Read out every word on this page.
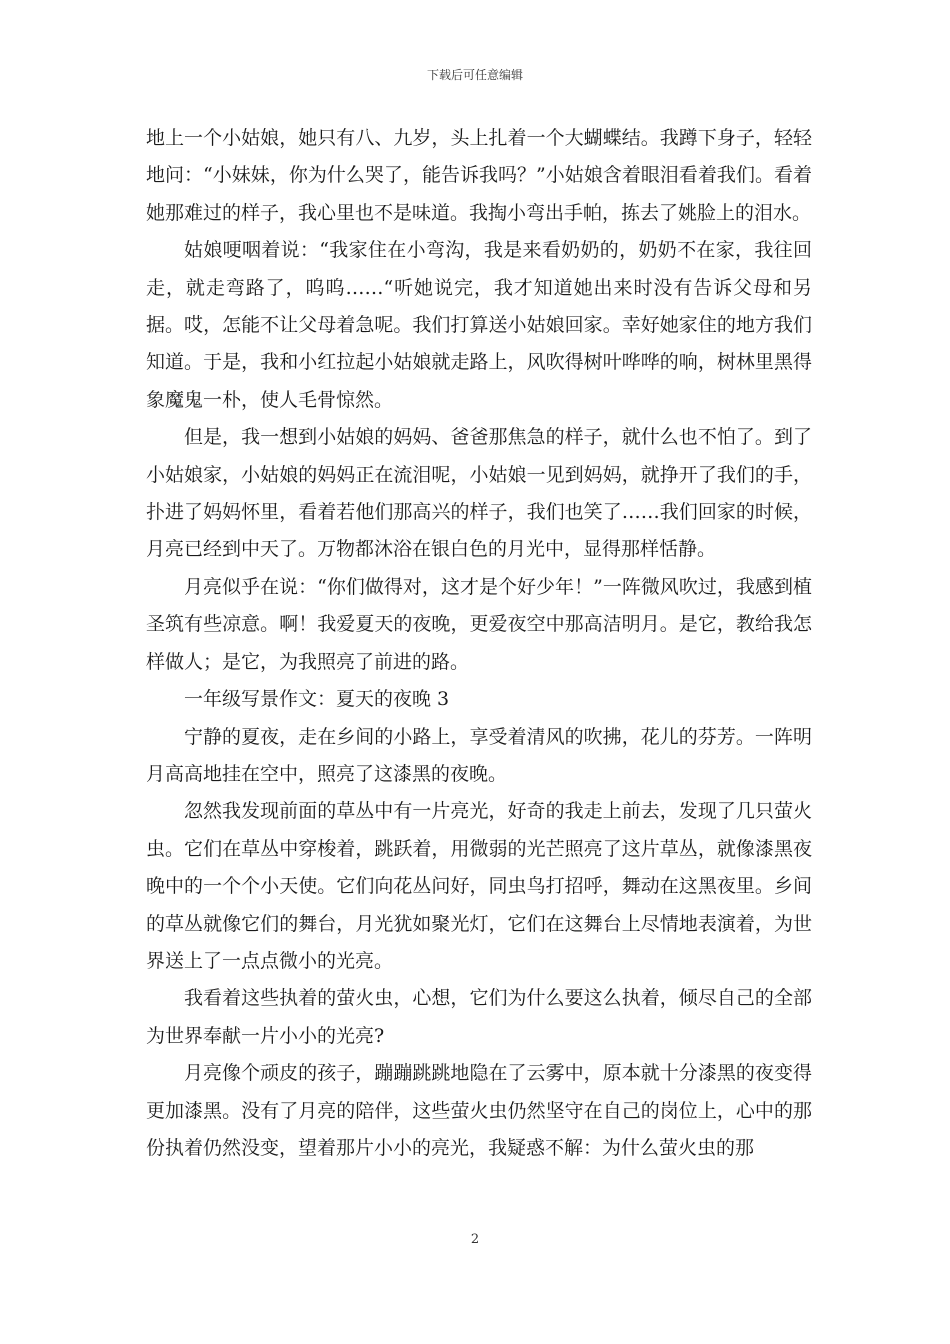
下载后可任意编辑

地上一个小姑娘，她只有八、九岁，头上扎着一个大蝴蝶结。我蹲下身子，轻轻地问：“小妹妹，你为什么哭了，能告诉我吗？”小姑娘含着眼泪看着我们。看着她那难过的样子，我心里也不是味道。我掏小弯出手帕，拣去了姚脸上的泪水。

姑娘哽咽着说：“我家住在小弯沟，我是来看奶奶的，奶奶不在家，我往回走，就走弯路了，呜呜……“听她说完，我才知道她出来时没有告诉父母和另据。哎，怎能不让父母着急呢。我们打算送小姑娘回家。幸好她家住的地方我们知道。于是，我和小红拉起小姑娘就走路上，风吹得树叶哗哗的响，树林里黑得象魔鬼一朴，使人毛骨惊然。

但是，我一想到小姑娘的妈妈、爸爸那焦急的样子，就什么也不怕了。到了小姑娘家，小姑娘的妈妈正在流泪呢，小姑娘一见到妈妈，就挣开了我们的手，扑进了妈妈怀里，看着若他们那高兴的样子，我们也笑了……我们回家的时候，月亮已经到中天了。万物都沐浴在银白色的月光中，显得那样恬静。

月亮似乎在说：“你们做得对，这才是个好少年！”一阵微风吹过，我感到植圣筑有些凉意。啊！我爱夏天的夜晚，更爱夜空中那高洁明月。是它，教给我怎样做人；是它，为我照亮了前进的路。

一年级写景作文：夏天的夜晚 3

宁静的夏夜，走在乡间的小路上，享受着清风的吹拂，花儿的芬芳。一阵明月高高地挂在空中，照亮了这漆黑的夜晚。

忽然我发现前面的草丛中有一片亮光，好奇的我走上前去，发现了几只萤火虫。它们在草丛中穿梭着，跳跃着，用微弱的光芒照亮了这片草丛，就像漆黑夜晚中的一个个小天使。它们向花丛问好，同虫鸟打招呼，舞动在这黑夜里。乡间的草丛就像它们的舞台，月光犹如聚光灯，它们在这舞台上尽情地表演着，为世界送上了一点点微小的光亮。

我看着这些执着的萤火虫，心想，它们为什么要这么执着，倾尽自己的全部为世界奉献一片小小的光亮?

月亮像个顽皮的孩子，蹦蹦跳跳地隐在了云雾中，原本就十分漆黑的夜变得更加漆黑。没有了月亮的陪伴，这些萤火虫仍然坚守在自己的岗位上，心中的那份执着仍然没变，望着那片小小的亮光，我疑惑不解：为什么萤火虫的那

2
